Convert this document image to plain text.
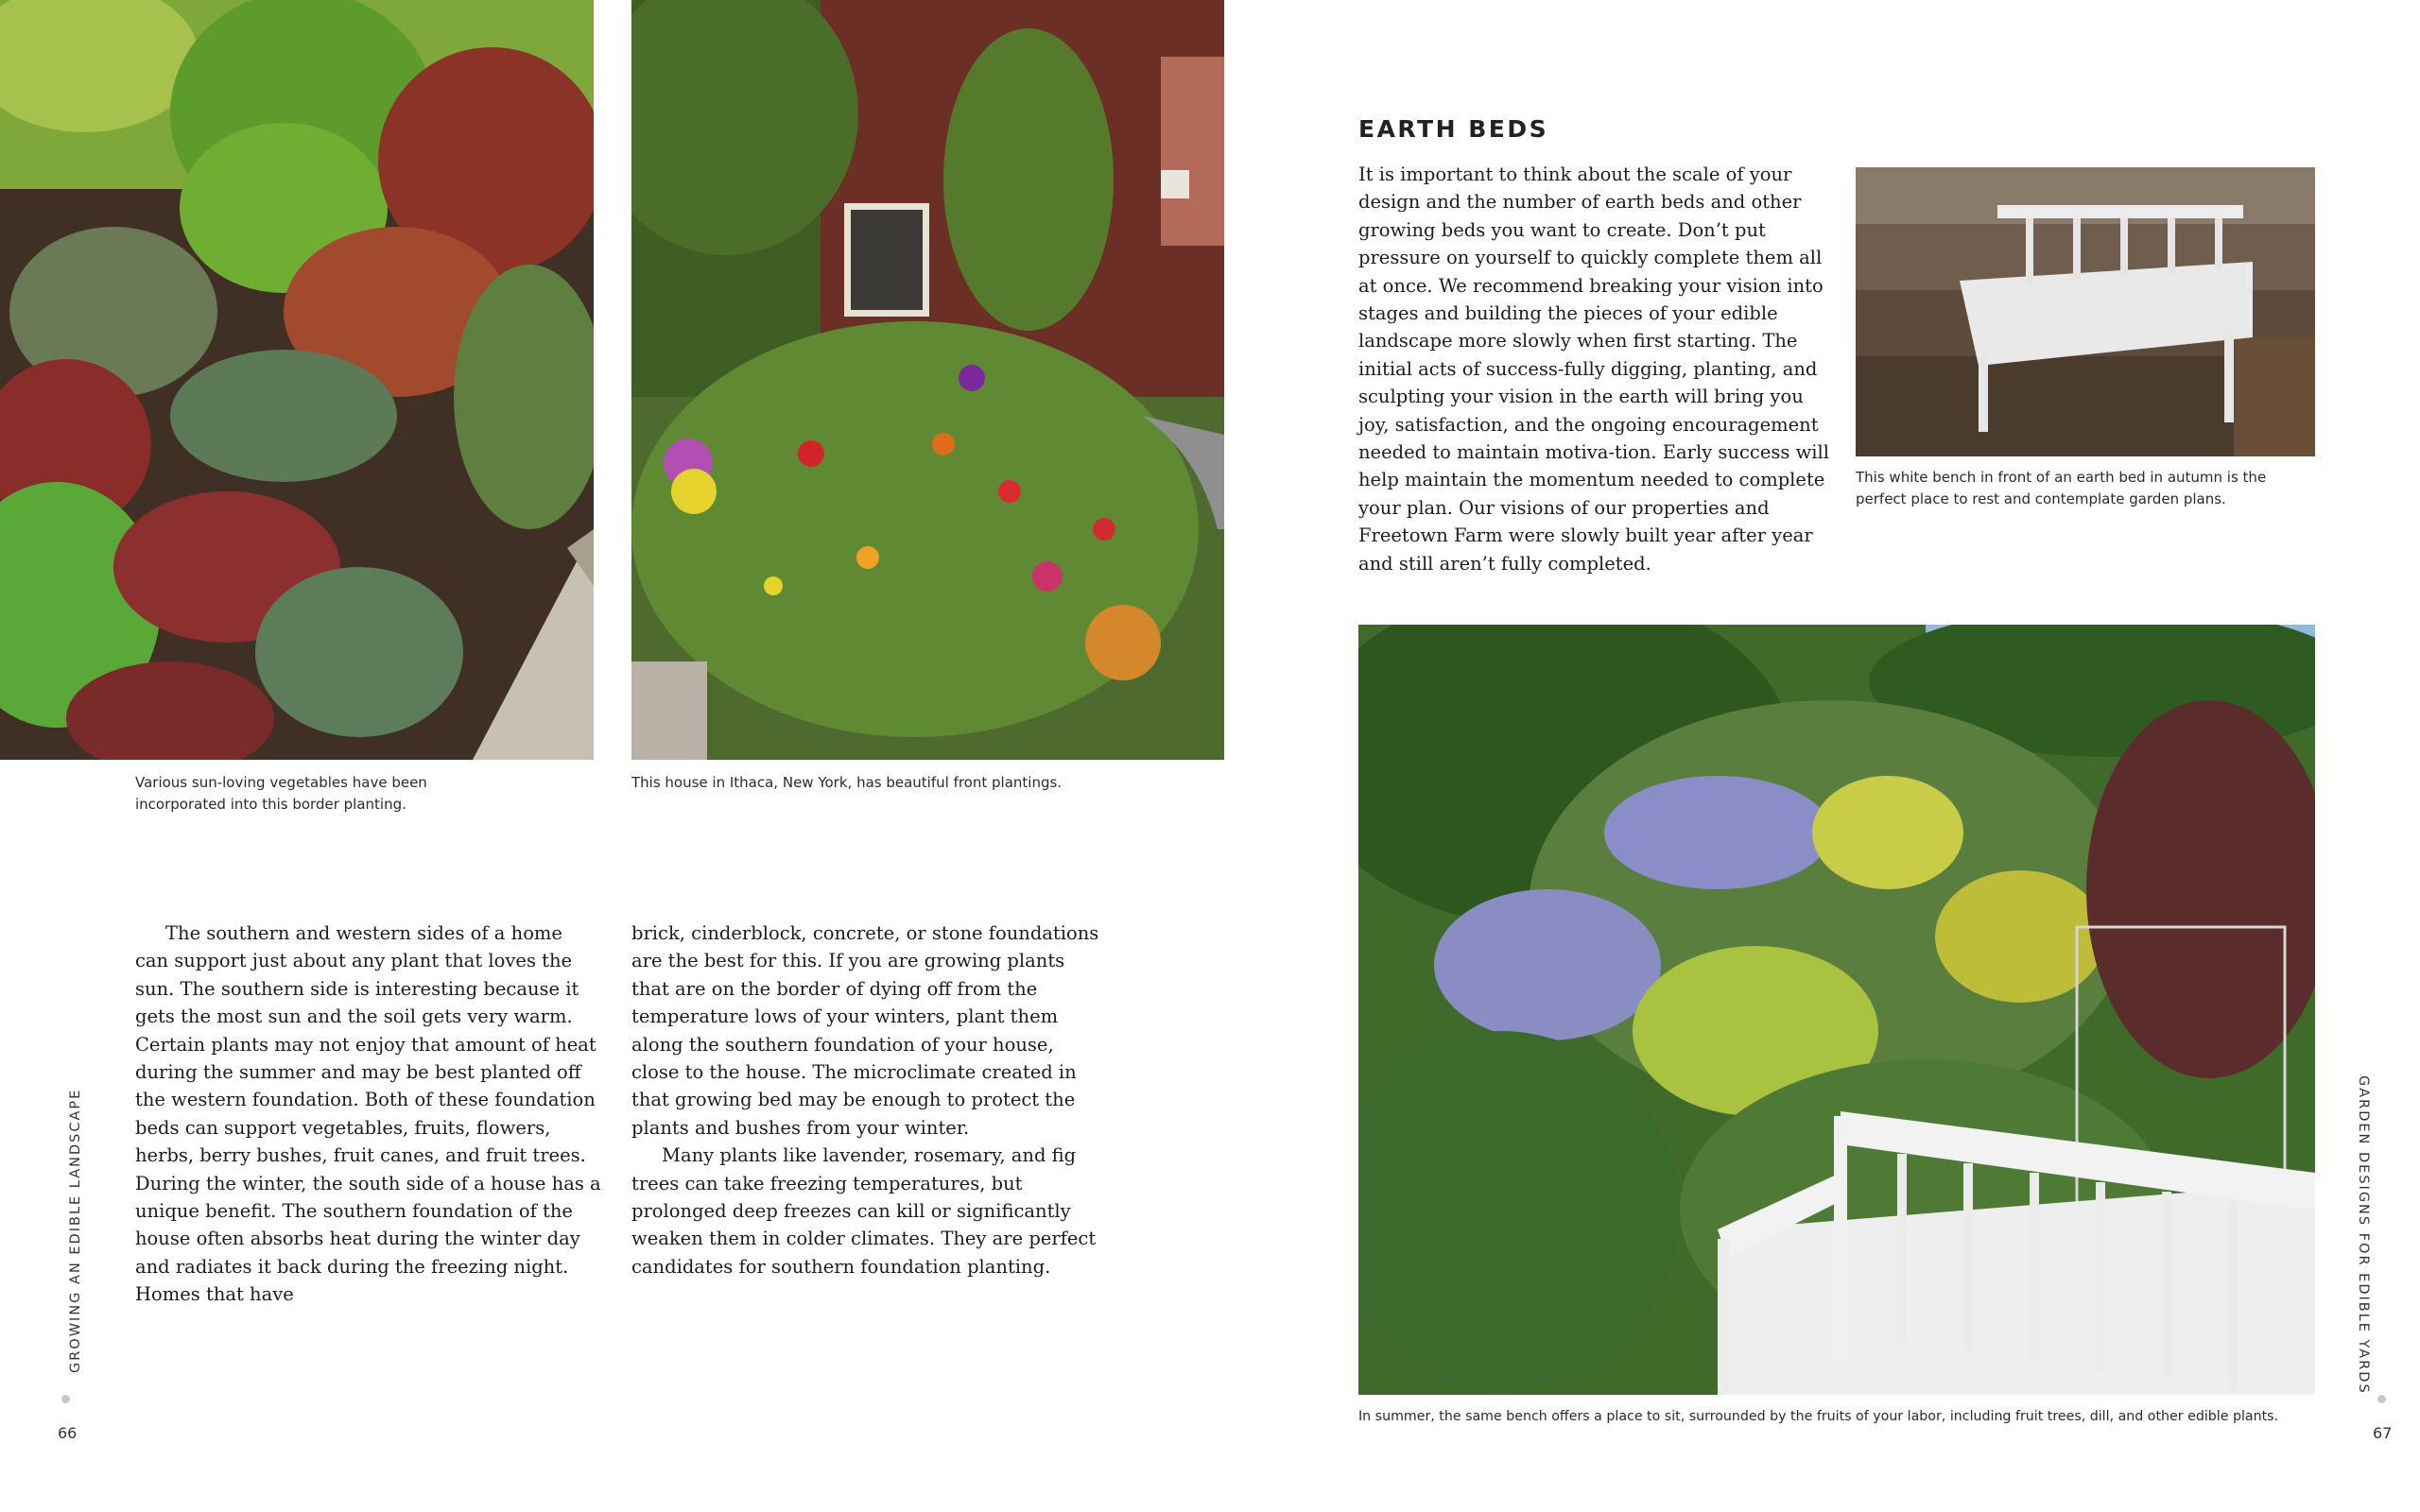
Various sun-loving vegetables have been incorporated into this border planting.
This house in Ithaca, New York, has beautiful front plantings.

The southern and western sides of a home can support just about any plant that loves the sun. The southern side is interesting because it gets the most sun and the soil gets very warm. Certain plants may not enjoy that amount of heat during the summer and may be best planted off the western foundation. Both of these foundation beds can support vegetables, fruits, flowers, herbs, berry bushes, fruit canes, and fruit trees. During the winter, the south side of a house has a unique benefit. The southern foundation of the house often absorbs heat during the winter day and radiates it back during the freezing night. Homes that have

brick, cinderblock, concrete, or stone foundations are the best for this. If you are growing plants that are on the border of dying off from the temperature lows of your winters, plant them along the southern foundation of your house, close to the house. The microclimate created in that growing bed may be enough to protect the plants and bushes from your winter.

Many plants like lavender, rosemary, and fig trees can take freezing temperatures, but prolonged deep freezes can kill or significantly weaken them in colder climates. They are perfect candidates for southern foundation planting.

GROWING AN EDIBLE LANDSCAPE
66
EARTH BEDS

It is important to think about the scale of your design and the number of earth beds and other growing beds you want to create. Don’t put pressure on yourself to quickly complete them all at once. We recommend breaking your vision into stages and building the pieces of your edible landscape more slowly when first starting. The initial acts of success-fully digging, planting, and sculpting your vision in the earth will bring you joy, satisfaction, and the ongoing encouragement needed to maintain motiva-tion. Early success will help maintain the momentum needed to complete your plan. Our visions of our properties and Freetown Farm were slowly built year after year and still aren’t fully completed.

This white bench in front of an earth bed in autumn is the perfect place to rest and contemplate garden plans.
In summer, the same bench offers a place to sit, surrounded by the fruits of your labor, including fruit trees, dill, and other edible plants.
GARDEN DESIGNS FOR EDIBLE YARDS
67
